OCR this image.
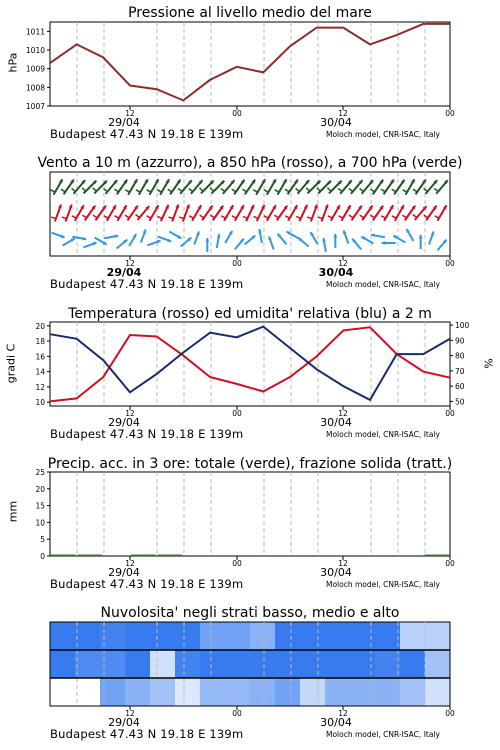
Pressione al livello medio del mare
Vento a 10 m (azzurro), a 850 hPa (rosso), a 700 hPa (verde)
Temperatura (rosso) ed umidita' relativa (blu) a 2 m
Precip. acc. in 3 ore: totale (verde), frazione solida (tratt.)
Nuvolosita' negli strati basso, medio e alto
hPa
gradi C	%
mm
Budapest 47.43 N 19.18 E 139m	Moloch model, CNR-ISAC, Italy
Budapest 47.43 N 19.18 E 139m	Moloch model, CNR-ISAC, Italy
Budapest 47.43 N 19.18 E 139m	Moloch model, CNR-ISAC, Italy
Budapest 47.43 N 19.18 E 139m	Moloch model, CNR-ISAC, Italy
Budapest 47.43 N 19.18 E 139m	Moloch model, CNR-ISAC, Italy
1011
1010
1009
1008
1007
12	00	12	00
29/04	30/04
12	00	12	00
29/04	30/04
20
18
16
14
12
10
100
90
80
70
60
50
12	00	12	00
29/04	30/04
25
20
15
10
5
0
12	00	12	00
29/04	30/04
12	00	12	00
29/04	30/04
